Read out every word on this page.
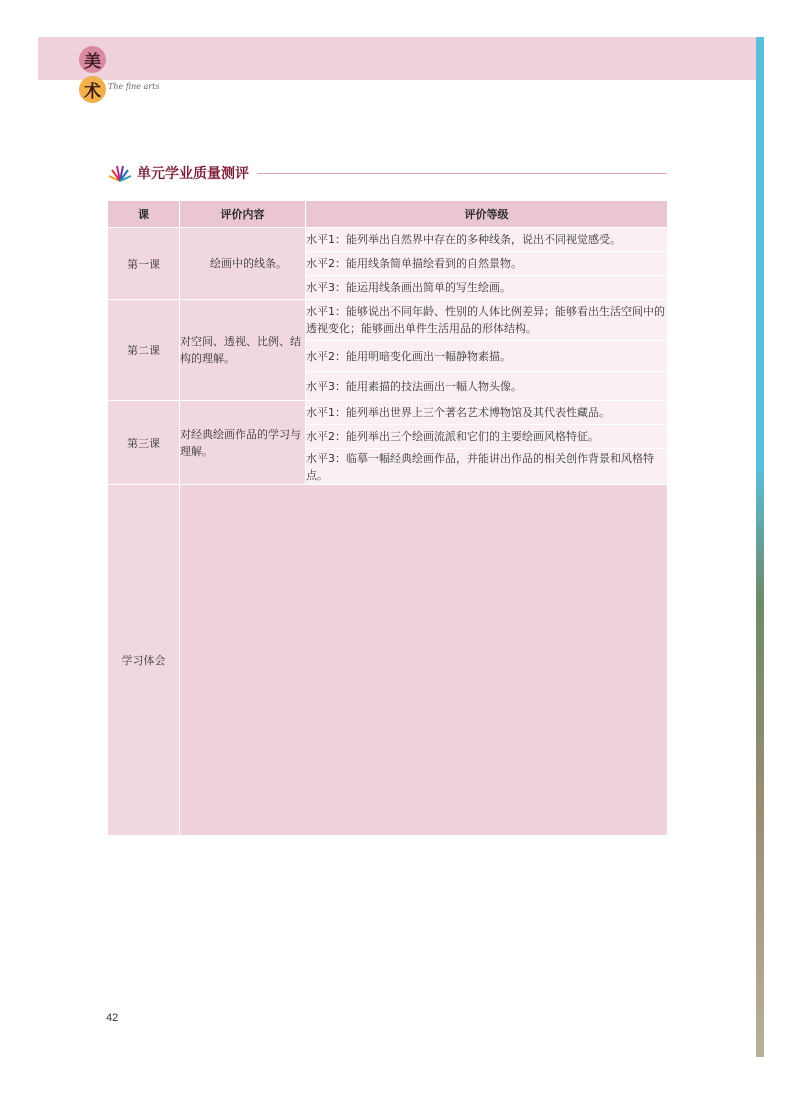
美
术 The fine arts
单元学业质量测评
课	评价内容	评价等级
第一课	绘画中的线条。	水平1：能列举出自然界中存在的多种线条，说出不同视觉感受。
		水平2：能用线条简单描绘看到的自然景物。
		水平3：能运用线条画出简单的写生绘画。
第二课	对空间、透视、比例、结构的理解。	水平1：能够说出不同年龄、性别的人体比例差异；能够看出生活空间中的透视变化；能够画出单件生活用品的形体结构。
		水平2：能用明暗变化画出一幅静物素描。
		水平3：能用素描的技法画出一幅人物头像。
第三课	对经典绘画作品的学习与理解。	水平1：能列举出世界上三个著名艺术博物馆及其代表性藏品。
		水平2：能列举出三个绘画流派和它们的主要绘画风格特征。
		水平3：临摹一幅经典绘画作品，并能讲出作品的相关创作背景和风格特点。
学习体会		
42
